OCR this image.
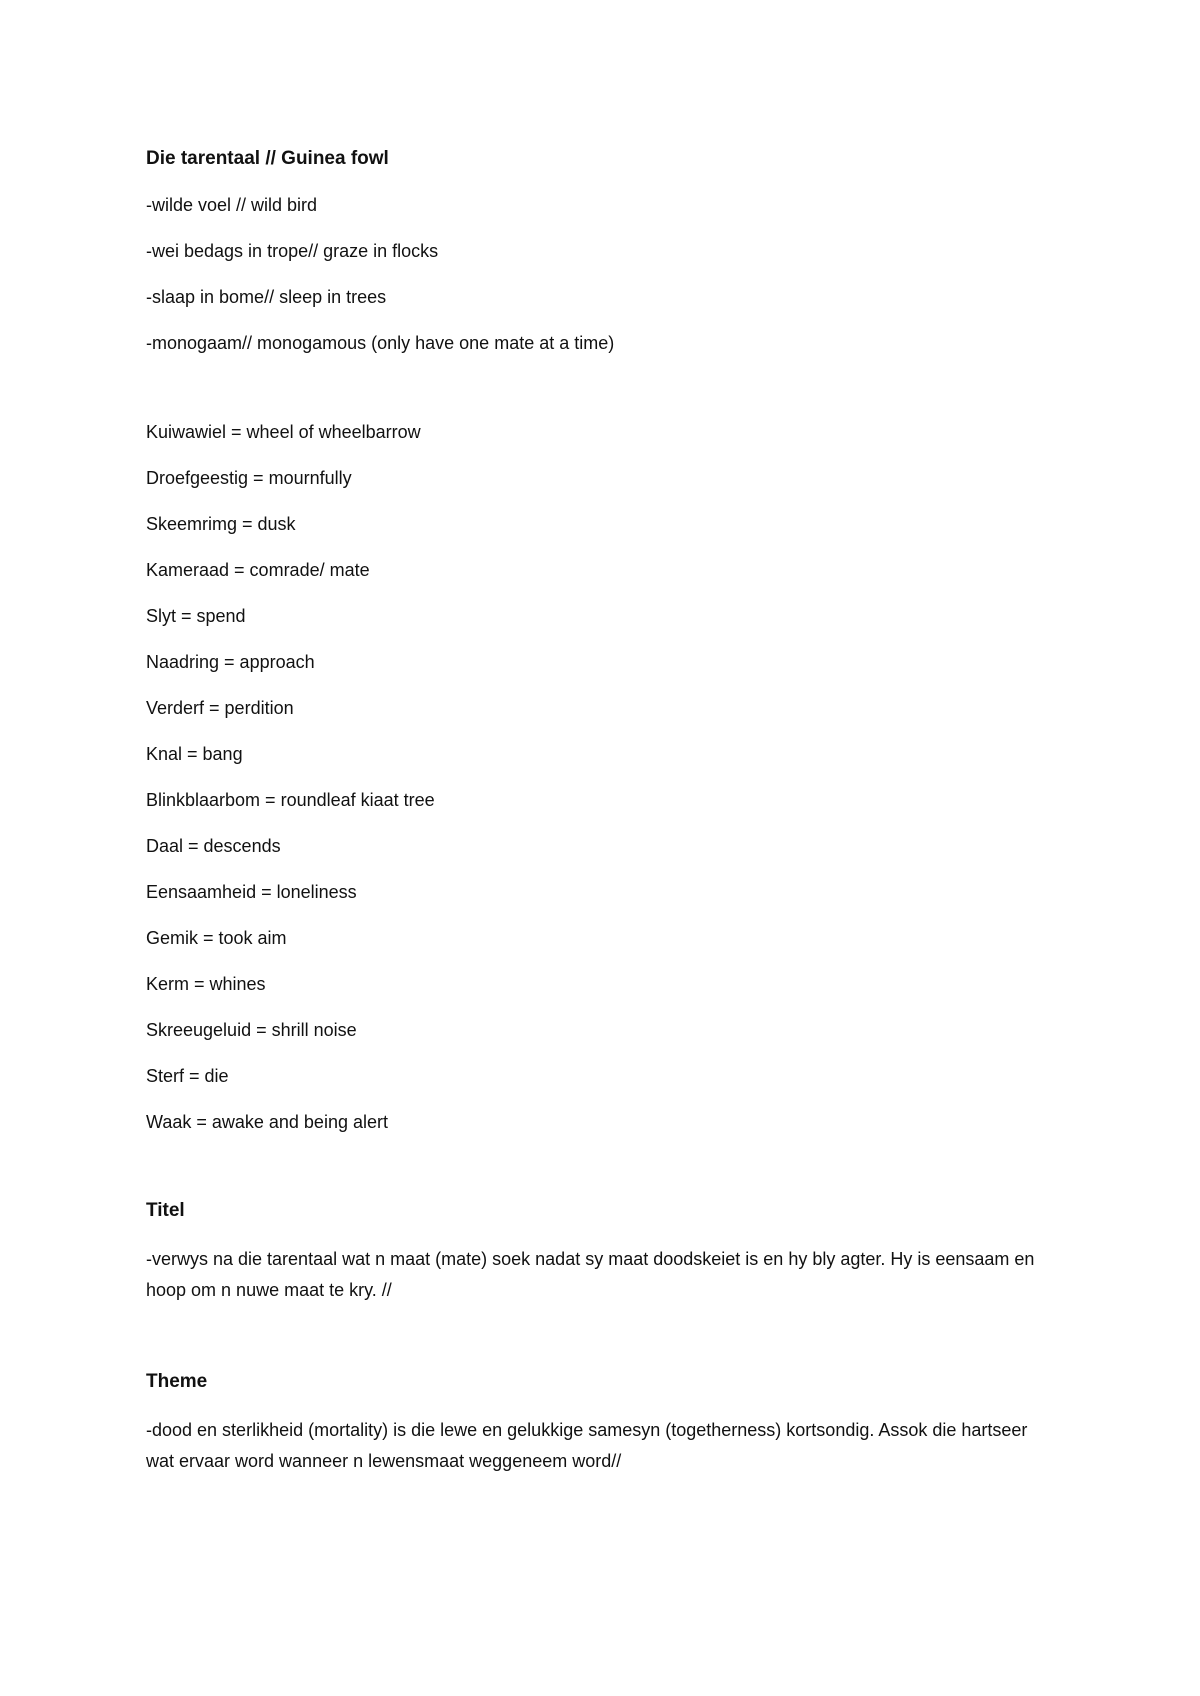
Die tarentaal // Guinea fowl

-wilde voel // wild bird

-wei bedags in trope// graze in flocks

-slaap in bome// sleep in trees

-monogaam// monogamous (only have one mate at a time)

Kuiwawiel = wheel of wheelbarrow

Droefgeestig = mournfully

Skeemrimg = dusk

Kameraad = comrade/ mate

Slyt = spend

Naadring = approach

Verderf = perdition

Knal = bang

Blinkblaarbom = roundleaf kiaat tree

Daal = descends

Eensaamheid = loneliness

Gemik = took aim

Kerm = whines

Skreeugeluid = shrill noise

Sterf = die

Waak = awake and being alert

Titel

-verwys na die tarentaal wat n maat (mate) soek nadat sy maat doodskeiet is en hy bly agter. Hy is eensaam en hoop om n nuwe maat te kry. //

Theme

-dood en sterlikheid (mortality) is die lewe en gelukkige samesyn (togetherness) kortsondig. Assok die hartseer wat ervaar word wanneer n lewensmaat weggeneem word//
